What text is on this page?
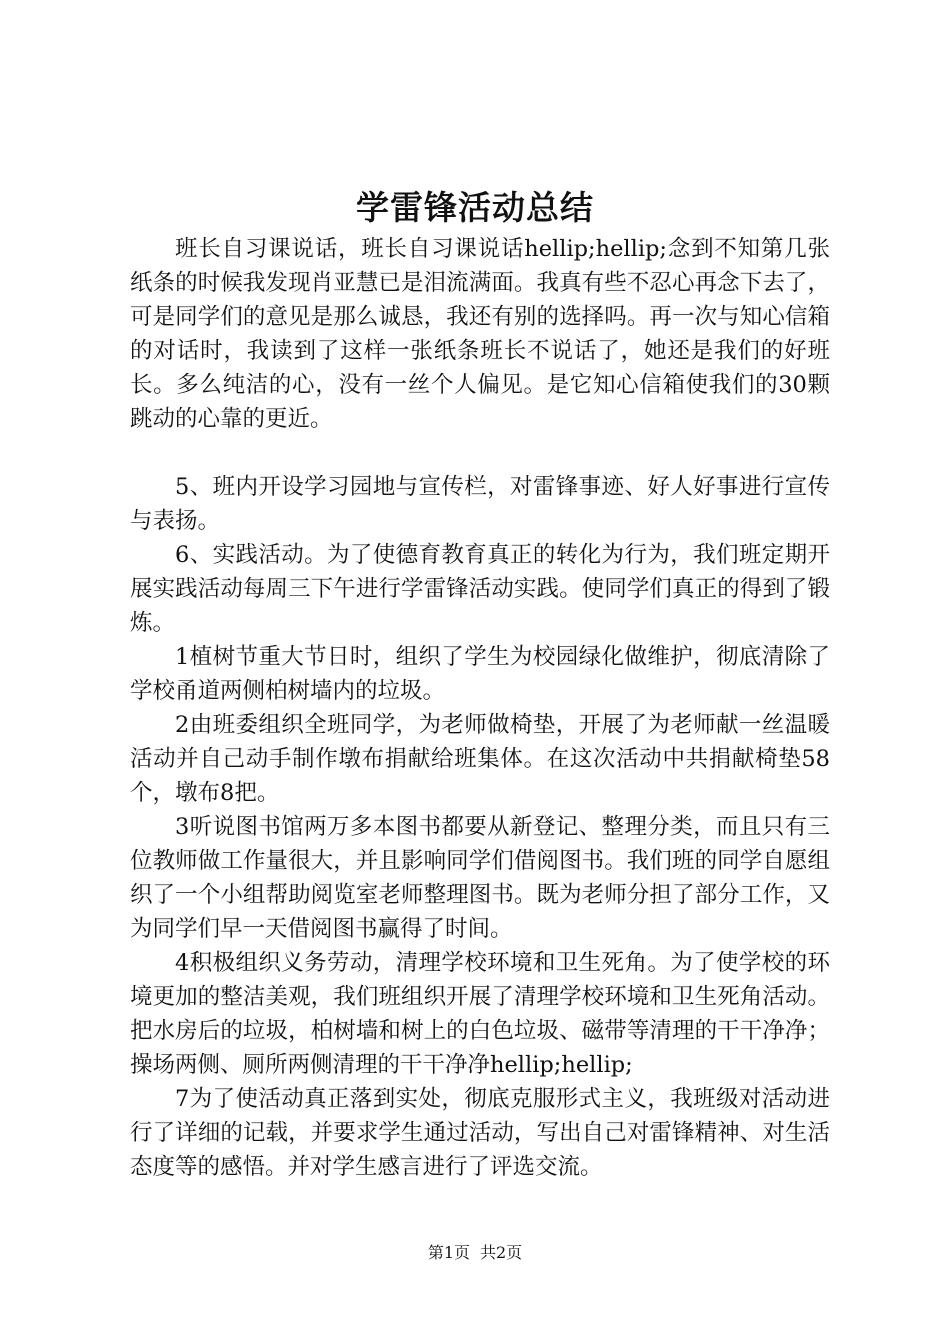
学雷锋活动总结

班长自习课说话，班长自习课说话hellip;hellip;念到不知第几张纸条的时候我发现肖亚慧已是泪流满面。我真有些不忍心再念下去了，可是同学们的意见是那么诚恳，我还有别的选择吗。再一次与知心信箱的对话时，我读到了这样一张纸条班长不说话了，她还是我们的好班长。多么纯洁的心，没有一丝个人偏见。是它知心信箱使我们的30颗跳动的心靠的更近。

5、班内开设学习园地与宣传栏，对雷锋事迹、好人好事进行宣传与表扬。

6、实践活动。为了使德育教育真正的转化为行为，我们班定期开展实践活动每周三下午进行学雷锋活动实践。使同学们真正的得到了锻炼。

1植树节重大节日时，组织了学生为校园绿化做维护，彻底清除了学校甬道两侧柏树墙内的垃圾。

2由班委组织全班同学，为老师做椅垫，开展了为老师献一丝温暖活动并自己动手制作墩布捐献给班集体。在这次活动中共捐献椅垫58个，墩布8把。

3听说图书馆两万多本图书都要从新登记、整理分类，而且只有三位教师做工作量很大，并且影响同学们借阅图书。我们班的同学自愿组织了一个小组帮助阅览室老师整理图书。既为老师分担了部分工作，又为同学们早一天借阅图书赢得了时间。

4积极组织义务劳动，清理学校环境和卫生死角。为了使学校的环境更加的整洁美观，我们班组织开展了清理学校环境和卫生死角活动。把水房后的垃圾，柏树墙和树上的白色垃圾、磁带等清理的干干净净；操场两侧、厕所两侧清理的干干净净hellip;hellip;

7为了使活动真正落到实处，彻底克服形式主义，我班级对活动进行了详细的记载，并要求学生通过活动，写出自己对雷锋精神、对生活态度等的感悟。并对学生感言进行了评选交流。

第1页 共2页
